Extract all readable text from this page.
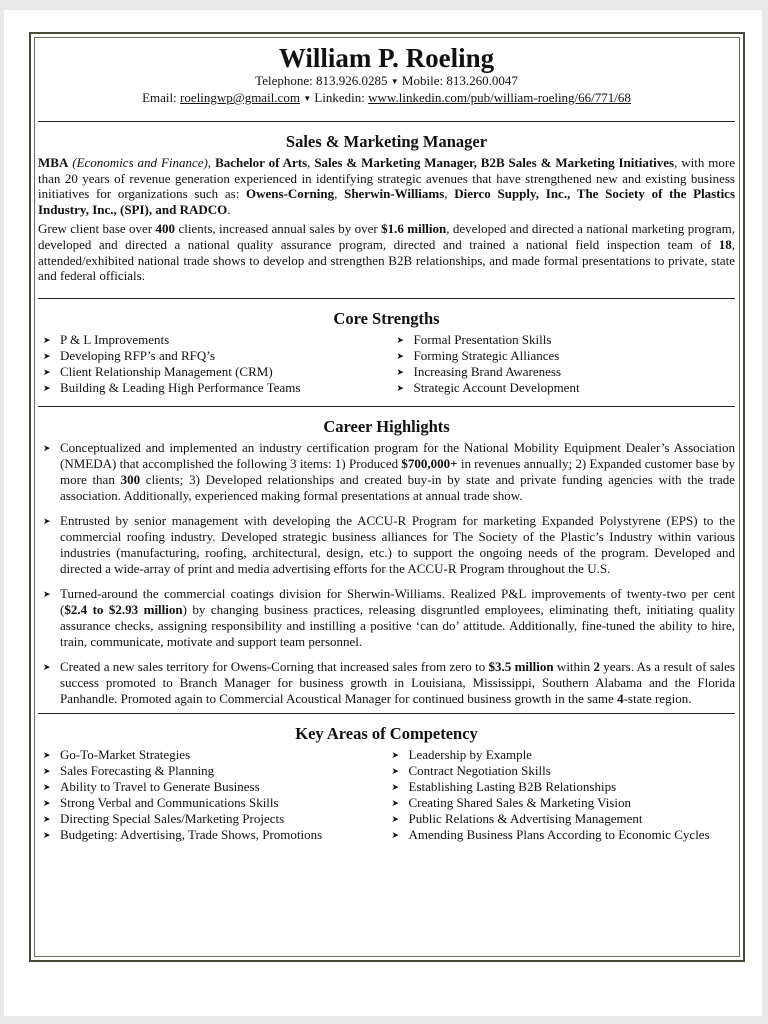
William P. Roeling
Telephone: 813.926.0285 ▼ Mobile: 813.260.0047
Email: roelingwp@gmail.com ▼ Linkedin: www.linkedin.com/pub/william-roeling/66/771/68
Sales & Marketing Manager

MBA (Economics and Finance), Bachelor of Arts, Sales & Marketing Manager, B2B Sales & Marketing Initiatives, with more than 20 years of revenue generation experienced in identifying strategic avenues that have strengthened new and existing business initiatives for organizations such as: Owens-Corning, Sherwin-Williams, Dierco Supply, Inc., The Society of the Plastics Industry, Inc., (SPI), and RADCO.

Grew client base over 400 clients, increased annual sales by over $1.6 million, developed and directed a national marketing program, developed and directed a national quality assurance program, directed and trained a national field inspection team of 18, attended/exhibited national trade shows to develop and strengthen B2B relationships, and made formal presentations to private, state and federal officials.

Core Strengths
➤ P & L Improvements
➤ Developing RFP’s and RFQ’s
➤ Client Relationship Management (CRM)
➤ Building & Leading High Performance Teams
➤ Formal Presentation Skills
➤ Forming Strategic Alliances
➤ Increasing Brand Awareness
➤ Strategic Account Development
Career Highlights
➤ Conceptualized and implemented an industry certification program for the National Mobility Equipment Dealer’s Association (NMEDA) that accomplished the following 3 items: 1) Produced $700,000+ in revenues annually; 2) Expanded customer base by more than 300 clients; 3) Developed relationships and created buy-in by state and private funding agencies with the trade association. Additionally, experienced making formal presentations at annual trade show.
➤ Entrusted by senior management with developing the ACCU-R Program for marketing Expanded Polystyrene (EPS) to the commercial roofing industry. Developed strategic business alliances for The Society of the Plastic’s Industry within various industries (manufacturing, roofing, architectural, design, etc.) to support the ongoing needs of the program. Developed and directed a wide-array of print and media advertising efforts for the ACCU-R Program throughout the U.S.
➤ Turned-around the commercial coatings division for Sherwin-Williams. Realized P&L improvements of twenty-two per cent ($2.4 to $2.93 million) by changing business practices, releasing disgruntled employees, eliminating theft, initiating quality assurance checks, assigning responsibility and instilling a positive ‘can do’ attitude. Additionally, fine-tuned the ability to hire, train, communicate, motivate and support team personnel.
➤ Created a new sales territory for Owens-Corning that increased sales from zero to $3.5 million within 2 years. As a result of sales success promoted to Branch Manager for business growth in Louisiana, Mississippi, Southern Alabama and the Florida Panhandle. Promoted again to Commercial Acoustical Manager for continued business growth in the same 4-state region.
Key Areas of Competency
➤ Go-To-Market Strategies
➤ Sales Forecasting & Planning
➤ Ability to Travel to Generate Business
➤ Strong Verbal and Communications Skills
➤ Directing Special Sales/Marketing Projects
➤ Budgeting: Advertising, Trade Shows, Promotions
➤ Leadership by Example
➤ Contract Negotiation Skills
➤ Establishing Lasting B2B Relationships
➤ Creating Shared Sales & Marketing Vision
➤ Public Relations & Advertising Management
➤ Amending Business Plans According to Economic Cycles
